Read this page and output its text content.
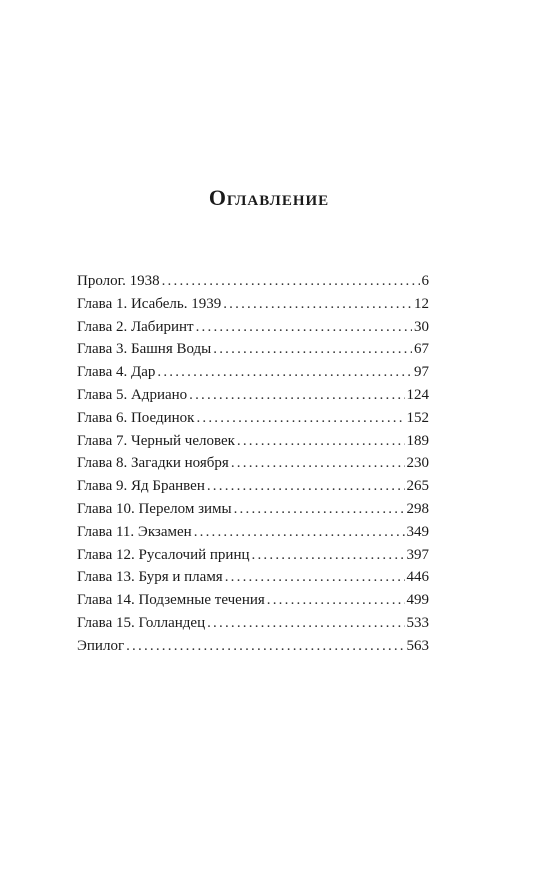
Оглавление
Пролог. 1938 .....	6
Глава 1. Исабель. 1939 .....	12
Глава 2. Лабиринт .....	30
Глава 3. Башня Воды .....	67
Глава 4. Дар .....	97
Глава 5. Адриано .....	124
Глава 6. Поединок .....	152
Глава 7. Черный человек .....	189
Глава 8. Загадки ноября .....	230
Глава 9. Яд Бранвен .....	265
Глава 10. Перелом зимы .....	298
Глава 11. Экзамен .....	349
Глава 12. Русалочий принц .....	397
Глава 13. Буря и пламя .....	446
Глава 14. Подземные течения .....	499
Глава 15. Голландец .....	533
Эпилог .....	563
